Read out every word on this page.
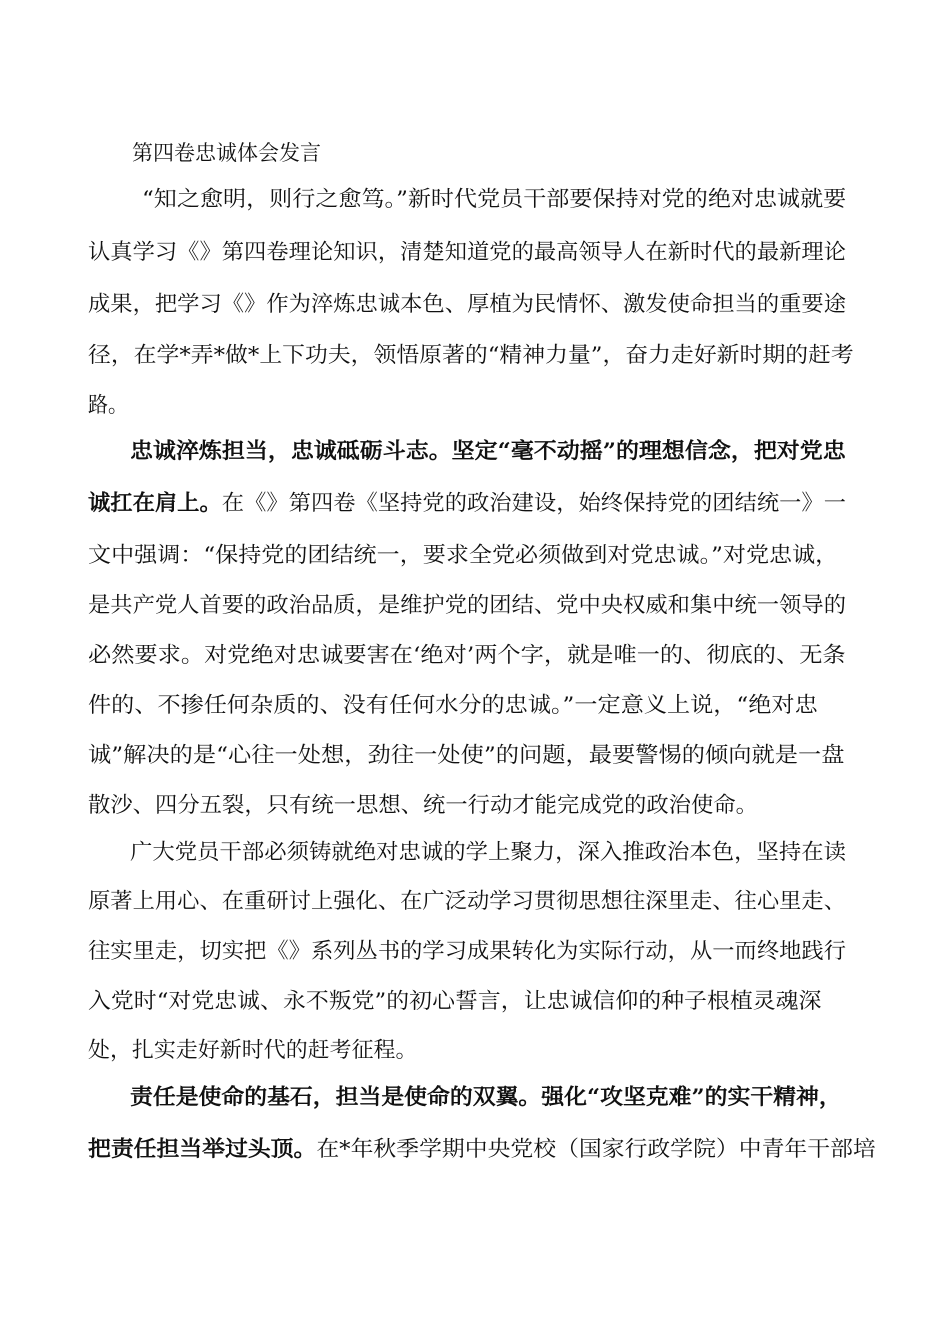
第四卷忠诚体会发言
“知之愈明，则行之愈笃。”新时代党员干部要保持对党的绝对忠诚就要
认真学习《》第四卷理论知识，清楚知道党的最高领导人在新时代的最新理论
成果，把学习《》作为淬炼忠诚本色、厚植为民情怀、激发使命担当的重要途
径，在学*弄*做*上下功夫，领悟原著的“精神力量”，奋力走好新时期的赶考
路。
忠诚淬炼担当，忠诚砥砺斗志。坚定“毫不动摇”的理想信念，把对党忠
诚扛在肩上。在《》第四卷《坚持党的政治建设，始终保持党的团结统一》一
文中强调：“保持党的团结统一，要求全党必须做到对党忠诚。”对党忠诚，
是共产党人首要的政治品质，是维护党的团结、党中央权威和集中统一领导的
必然要求。对党绝对忠诚要害在‘绝对’两个字，就是唯一的、彻底的、无条
件的、不掺任何杂质的、没有任何水分的忠诚。”一定意义上说，“绝对忠
诚”解决的是“心往一处想，劲往一处使”的问题，最要警惕的倾向就是一盘
散沙、四分五裂，只有统一思想、统一行动才能完成党的政治使命。
广大党员干部必须铸就绝对忠诚的学上聚力，深入推政治本色，坚持在读
原著上用心、在重研讨上强化、在广泛动学习贯彻思想往深里走、往心里走、
往实里走，切实把《》系列丛书的学习成果转化为实际行动，从一而终地践行
入党时“对党忠诚、永不叛党”的初心誓言，让忠诚信仰的种子根植灵魂深
处，扎实走好新时代的赶考征程。
责任是使命的基石，担当是使命的双翼。强化“攻坚克难”的实干精神，
把责任担当举过头顶。在*年秋季学期中央党校（国家行政学院）中青年干部培
